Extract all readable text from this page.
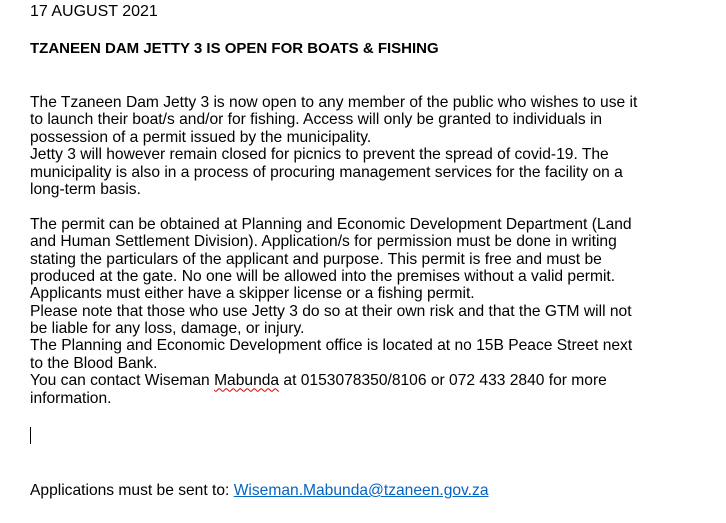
17 AUGUST 2021
TZANEEN DAM JETTY 3 IS OPEN FOR BOATS & FISHING
The Tzaneen Dam Jetty 3 is now open to any member of the public who wishes to use it
to launch their boat/s and/or for fishing. Access will only be granted to individuals in
possession of a permit issued by the municipality.
Jetty 3 will however remain closed for picnics to prevent the spread of covid-19. The
municipality is also in a process of procuring management services for the facility on a
long-term basis.
The permit can be obtained at Planning and Economic Development Department (Land
and Human Settlement Division). Application/s for permission must be done in writing
stating the particulars of the applicant and purpose. This permit is free and must be
produced at the gate. No one will be allowed into the premises without a valid permit.
Applicants must either have a skipper license or a fishing permit.
Please note that those who use Jetty 3 do so at their own risk and that the GTM will not
be liable for any loss, damage, or injury.
The Planning and Economic Development office is located at no 15B Peace Street next
to the Blood Bank.
You can contact Wiseman Mabunda at 0153078350/8106 or 072 433 2840 for more
information.
Applications must be sent to: Wiseman.Mabunda@tzaneen.gov.za
